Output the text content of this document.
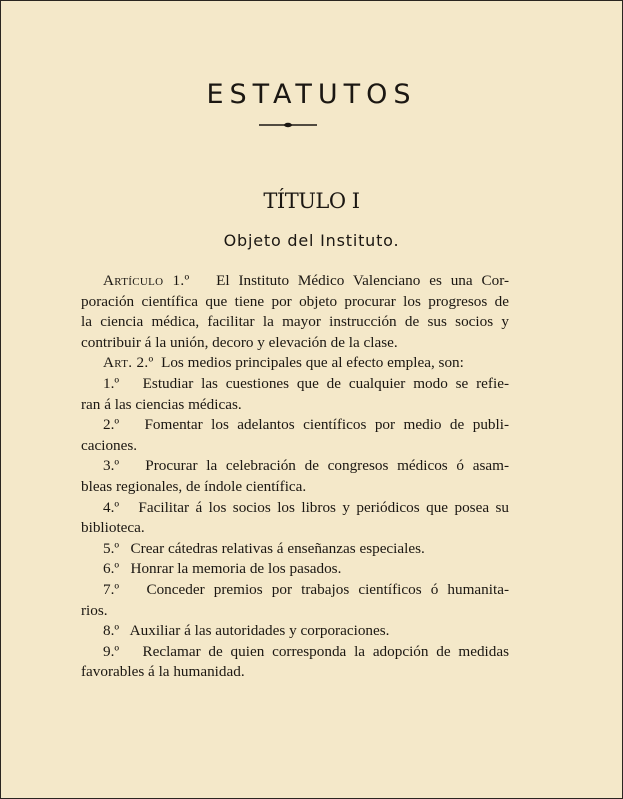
ESTATUTOS
TÍTULO I
Objeto del Instituto.
Artículo 1.º El Instituto Médico Valenciano es una Cor-
poración científica que tiene por objeto procurar los progresos de
la ciencia médica, facilitar la mayor instrucción de sus socios y
contribuir á la unión, decoro y elevación de la clase.
Art. 2.º Los medios principales que al efecto emplea, son:
1.º Estudiar las cuestiones que de cualquier modo se refie-
ran á las ciencias médicas.
2.º Fomentar los adelantos científicos por medio de publi-
caciones.
3.º Procurar la celebración de congresos médicos ó asam-
bleas regionales, de índole científica.
4.º Facilitar á los socios los libros y periódicos que posea su
biblioteca.
5.º Crear cátedras relativas á enseñanzas especiales.
6.º Honrar la memoria de los pasados.
7.º Conceder premios por trabajos científicos ó humanita-
rios.
8.º Auxiliar á las autoridades y corporaciones.
9.º Reclamar de quien corresponda la adopción de medidas
favorables á la humanidad.
